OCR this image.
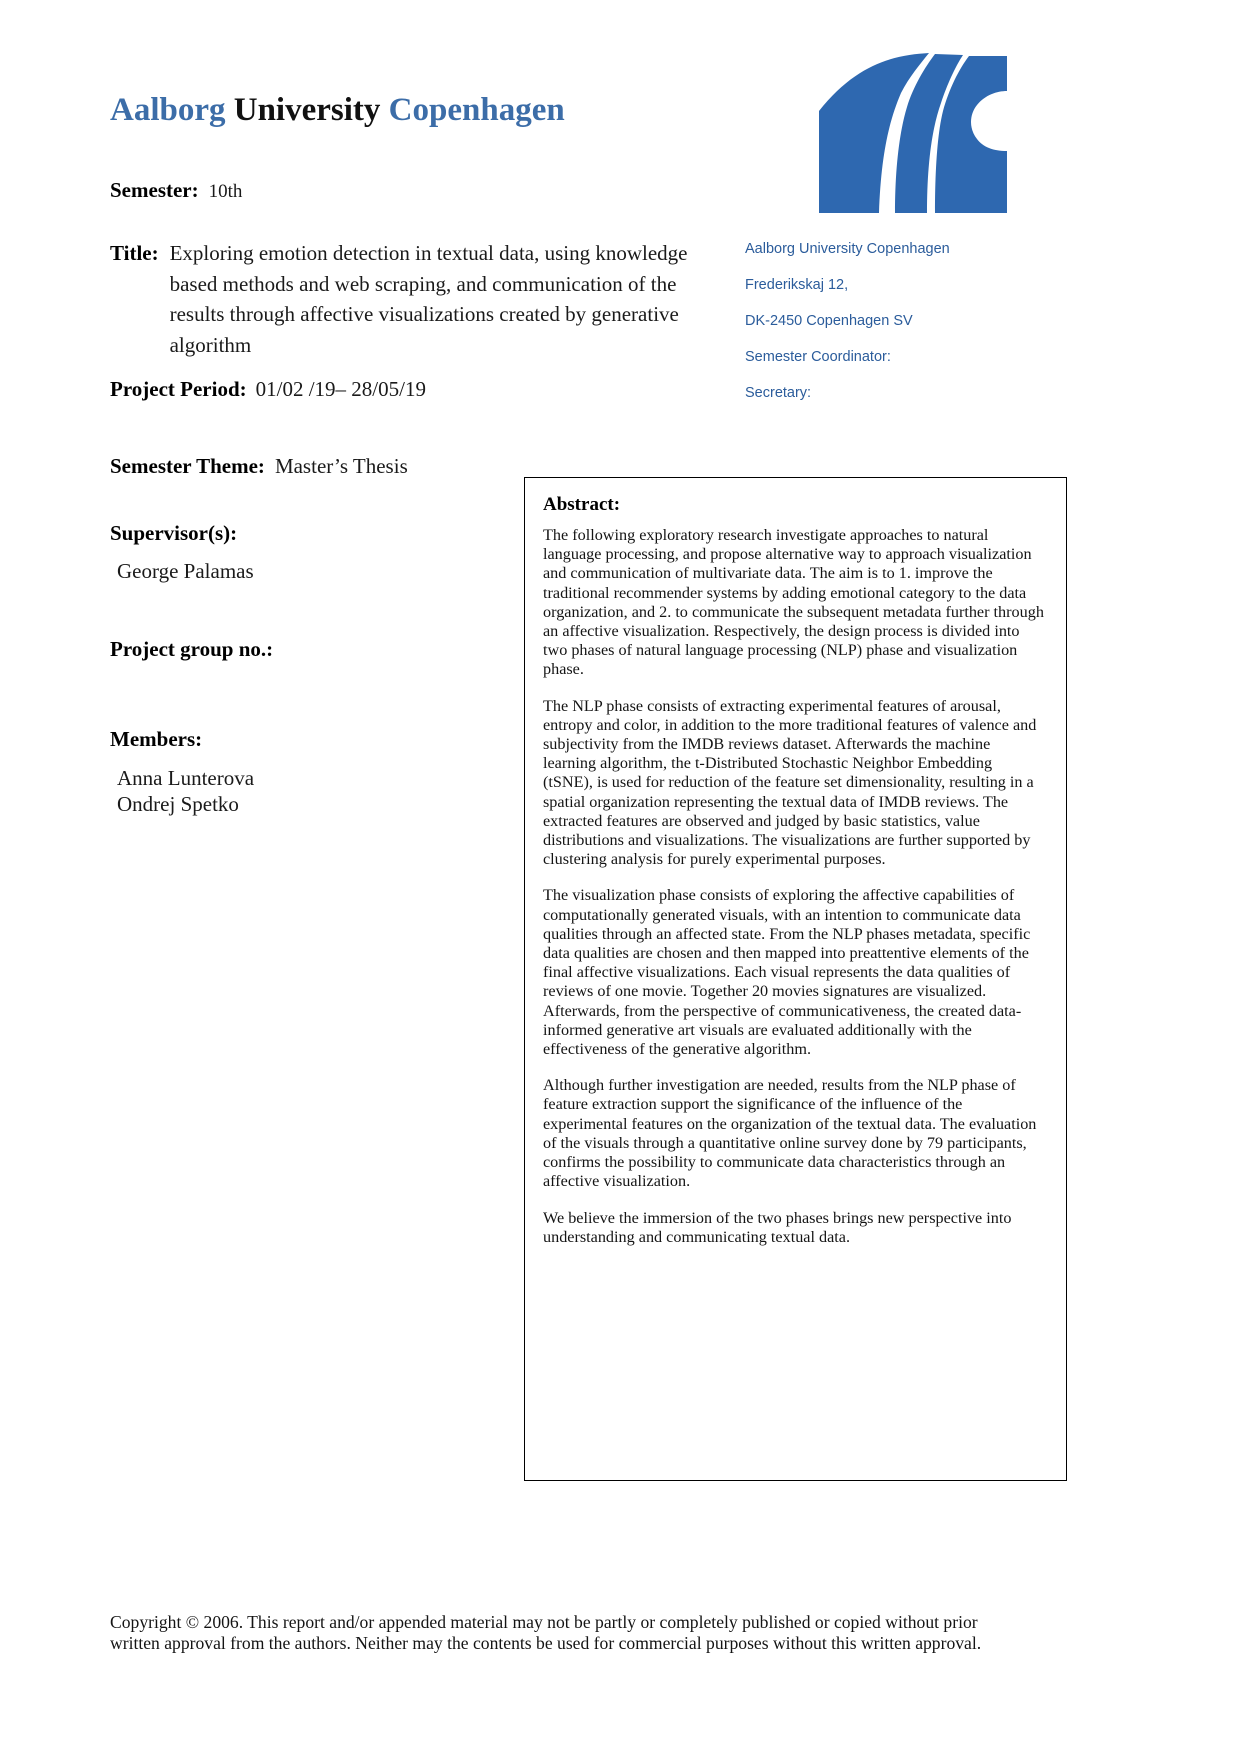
Aalborg University Copenhagen
Semester: 10th
Title: Exploring emotion detection in textual data, using knowledge based methods and web scraping, and communication of the results through affective visualizations created by generative algorithm
Project Period: 01/02 /19– 28/05/19
Semester Theme: Master’s Thesis
Supervisor(s):
George Palamas
Project group no.:
Members:
Anna Lunterova
Ondrej Spetko
Aalborg University Copenhagen
Frederikskaj 12,
DK-2450 Copenhagen SV
Semester Coordinator:
Secretary:
Abstract:

The following exploratory research investigate approaches to natural language processing, and propose alternative way to approach visualization and communication of multivariate data. The aim is to 1. improve the traditional recommender systems by adding emotional category to the data organization, and 2. to communicate the subsequent metadata further through an affective visualization. Respectively, the design process is divided into two phases of natural language processing (NLP) phase and visualization phase.

The NLP phase consists of extracting experimental features of arousal, entropy and color, in addition to the more traditional features of valence and subjectivity from the IMDB reviews dataset. Afterwards the machine learning algorithm, the t-Distributed Stochastic Neighbor Embedding (tSNE), is used for reduction of the feature set dimensionality, resulting in a spatial organization representing the textual data of IMDB reviews. The extracted features are observed and judged by basic statistics, value distributions and visualizations. The visualizations are further supported by clustering analysis for purely experimental purposes.

The visualization phase consists of exploring the affective capabilities of computationally generated visuals, with an intention to communicate data qualities through an affected state. From the NLP phases metadata, specific data qualities are chosen and then mapped into preattentive elements of the final affective visualizations. Each visual represents the data qualities of reviews of one movie. Together 20 movies signatures are visualized. Afterwards, from the perspective of communicativeness, the created data-informed generative art visuals are evaluated additionally with the effectiveness of the generative algorithm.

Although further investigation are needed, results from the NLP phase of feature extraction support the significance of the influence of the experimental features on the organization of the textual data. The evaluation of the visuals through a quantitative online survey done by 79 participants, confirms the possibility to communicate data characteristics through an affective visualization.

We believe the immersion of the two phases brings new perspective into understanding and communicating textual data.

Copyright © 2006. This report and/or appended material may not be partly or completely published or copied without prior written approval from the authors. Neither may the contents be used for commercial purposes without this written approval.
